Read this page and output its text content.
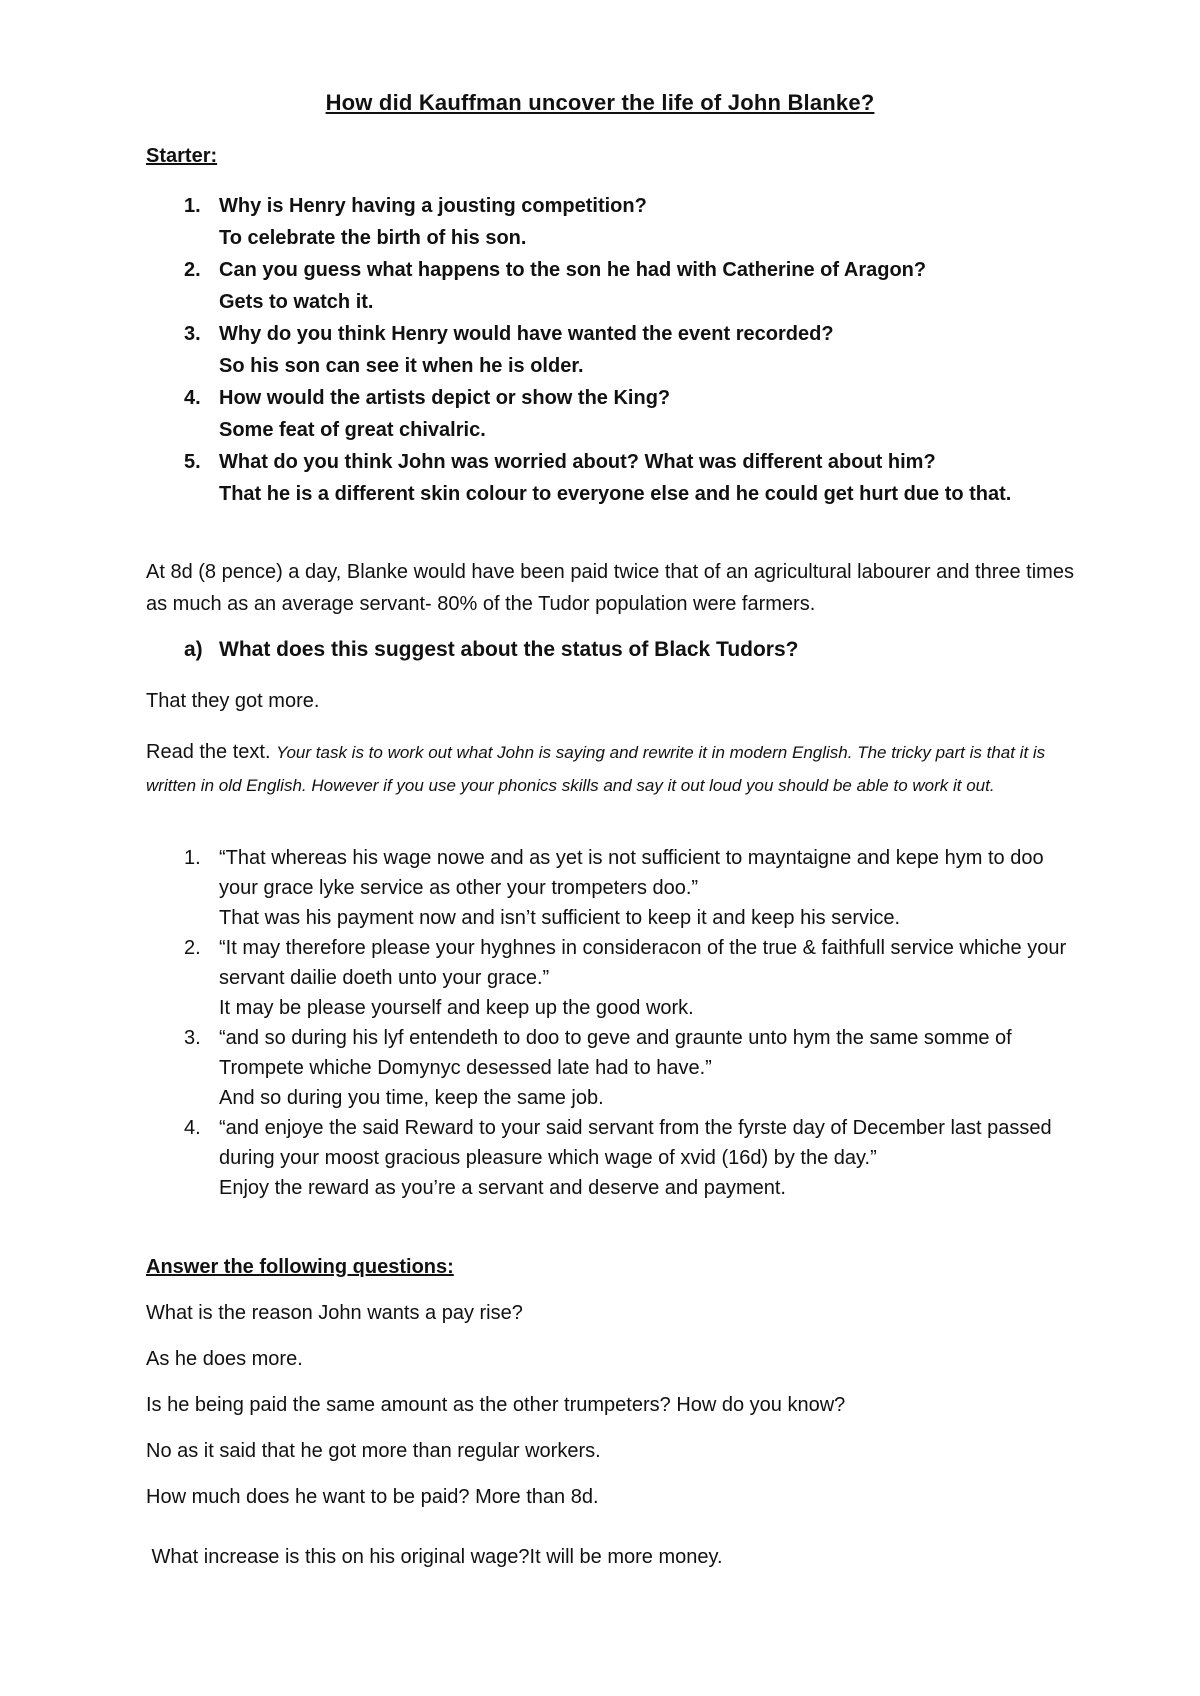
How did Kauffman uncover the life of John Blanke?
Starter:
1. Why is Henry having a jousting competition?
To celebrate the birth of his son.
2. Can you guess what happens to the son he had with Catherine of Aragon?
Gets to watch it.
3. Why do you think Henry would have wanted the event recorded?
So his son can see it when he is older.
4. How would the artists depict or show the King?
Some feat of great chivalric.
5. What do you think John was worried about? What was different about him?
That he is a different skin colour to everyone else and he could get hurt due to that.

At 8d (8 pence) a day, Blanke would have been paid twice that of an agricultural labourer and three times as much as an average servant- 80% of the Tudor population were farmers.

a) What does this suggest about the status of Black Tudors?
That they got more.
Read the text. Your task is to work out what John is saying and rewrite it in modern English. The tricky part is that it is written in old English. However if you use your phonics skills and say it out loud you should be able to work it out.
1. “That whereas his wage nowe and as yet is not sufficient to mayntaigne and kepe hym to doo your grace lyke service as other your trompeters doo.”
That was his payment now and isn’t sufficient to keep it and keep his service.
2. “It may therefore please your hyghnes in consideracon of the true & faithfull service whiche your servant dailie doeth unto your grace.”
It may be please yourself and keep up the good work.
3. “and so during his lyf entendeth to doo to geve and graunte unto hym the same somme of Trompete whiche Domynyc desessed late had to have.”
And so during you time, keep the same job.
4. “and enjoye the said Reward to your said servant from the fyrste day of December last passed during your moost gracious pleasure which wage of xvid (16d) by the day.”
Enjoy the reward as you’re a servant and deserve and payment.
Answer the following questions:
What is the reason John wants a pay rise?
As he does more.
Is he being paid the same amount as the other trumpeters? How do you know?
No as it said that he got more than regular workers.
How much does he want to be paid? More than 8d.
What increase is this on his original wage?It will be more money.
